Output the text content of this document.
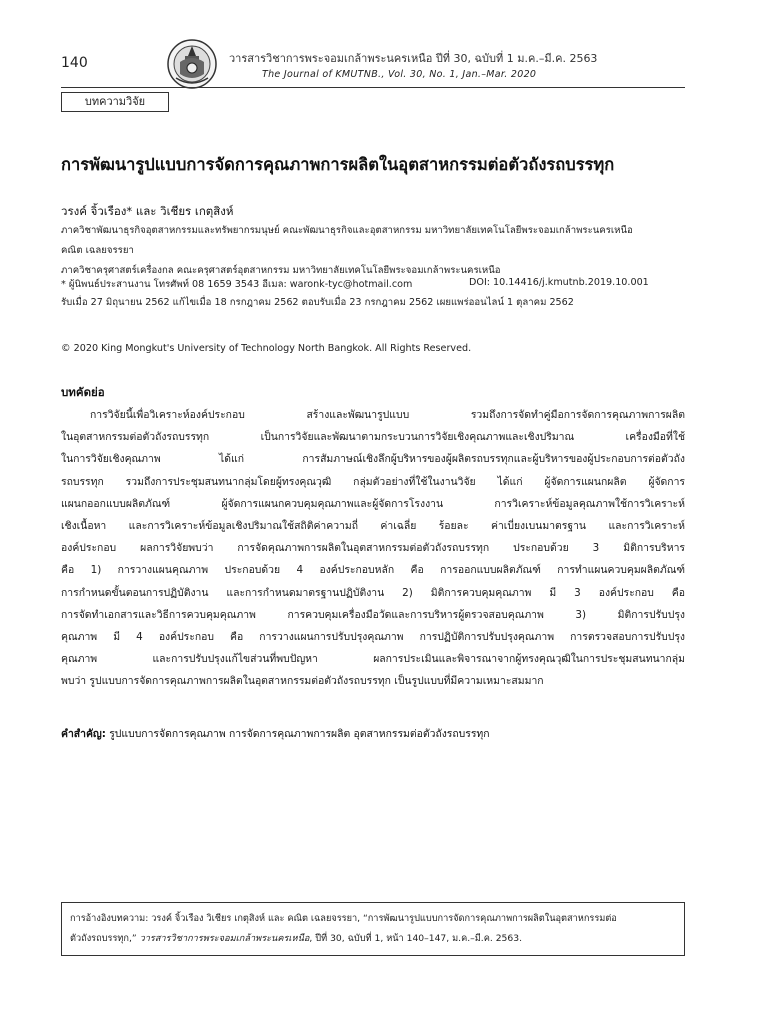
140	วารสารวิชาการพระจอมเกล้าพระนครเหนือ ปีที่ 30, ฉบับที่ 1 ม.ค.–มี.ค. 2563
The Journal of KMUTNB., Vol. 30, No. 1, Jan.–Mar. 2020
บทความวิจัย
การพัฒนารูปแบบการจัดการคุณภาพการผลิตในอุตสาหกรรมต่อตัวถังรถบรรทุก
วรงค์ จิ้วเรือง* และ วิเชียร เกตุสิงห์
ภาควิชาพัฒนาธุรกิจอุตสาหกรรมและทรัพยากรมนุษย์ คณะพัฒนาธุรกิจและอุตสาหกรรม มหาวิทยาลัยเทคโนโลยีพระจอมเกล้าพระนครเหนือ
คณิต เฉลยจรรยา
ภาควิชาครุศาสตร์เครื่องกล คณะครุศาสตร์อุตสาหกรรม มหาวิทยาลัยเทคโนโลยีพระจอมเกล้าพระนครเหนือ
* ผู้นิพนธ์ประสานงาน โทรศัพท์ 08 1659 3543 อีเมล: waronk-tyc@hotmail.com	DOI: 10.14416/j.kmutnb.2019.10.001
รับเมื่อ 27 มิถุนายน 2562 แก้ไขเมื่อ 18 กรกฎาคม 2562 ตอบรับเมื่อ 23 กรกฎาคม 2562 เผยแพร่ออนไลน์ 1 ตุลาคม 2562
© 2020 King Mongkut's University of Technology North Bangkok. All Rights Reserved.
บทคัดย่อ
การวิจัยนี้เพื่อวิเคราะห์องค์ประกอบ สร้างและพัฒนารูปแบบ รวมถึงการจัดทำคู่มือการจัดการคุณภาพการผลิต
ในอุตสาหกรรมต่อตัวถังรถบรรทุก เป็นการวิจัยและพัฒนาตามกระบวนการวิจัยเชิงคุณภาพและเชิงปริมาณ เครื่องมือที่ใช้
ในการวิจัยเชิงคุณภาพ ได้แก่ การสัมภาษณ์เชิงลึกผู้บริหารของผู้ผลิตรถบรรทุกและผู้บริหารของผู้ประกอบการต่อตัวถัง
รถบรรทุก รวมถึงการประชุมสนทนากลุ่มโดยผู้ทรงคุณวุฒิ กลุ่มตัวอย่างที่ใช้ในงานวิจัย ได้แก่ ผู้จัดการแผนกผลิต ผู้จัดการ
แผนกออกแบบผลิตภัณฑ์ ผู้จัดการแผนกควบคุมคุณภาพและผู้จัดการโรงงาน การวิเคราะห์ข้อมูลคุณภาพใช้การวิเคราะห์
เชิงเนื้อหา และการวิเคราะห์ข้อมูลเชิงปริมาณใช้สถิติค่าความถี่ ค่าเฉลี่ย ร้อยละ ค่าเบี่ยงเบนมาตรฐาน และการวิเคราะห์
องค์ประกอบ ผลการวิจัยพบว่า การจัดคุณภาพการผลิตในอุตสาหกรรมต่อตัวถังรถบรรทุก ประกอบด้วย 3 มิติการบริหาร
คือ 1) การวางแผนคุณภาพ ประกอบด้วย 4 องค์ประกอบหลัก คือ การออกแบบผลิตภัณฑ์ การทำแผนควบคุมผลิตภัณฑ์
การกำหนดขั้นตอนการปฏิบัติงาน และการกำหนดมาตรฐานปฏิบัติงาน 2) มิติการควบคุมคุณภาพ มี 3 องค์ประกอบ คือ
การจัดทำเอกสารและวิธีการควบคุมคุณภาพ การควบคุมเครื่องมือวัดและการบริหารผู้ตรวจสอบคุณภาพ 3) มิติการปรับปรุง
คุณภาพ มี 4 องค์ประกอบ คือ การวางแผนการปรับปรุงคุณภาพ การปฏิบัติการปรับปรุงคุณภาพ การตรวจสอบการปรับปรุง
คุณภาพ และการปรับปรุงแก้ไขส่วนที่พบปัญหา ผลการประเมินและพิจารณาจากผู้ทรงคุณวุฒิในการประชุมสนทนากลุ่ม
พบว่า รูปแบบการจัดการคุณภาพการผลิตในอุตสาหกรรมต่อตัวถังรถบรรทุก เป็นรูปแบบที่มีความเหมาะสมมาก
คำสำคัญ: รูปแบบการจัดการคุณภาพ การจัดการคุณภาพการผลิต อุตสาหกรรมต่อตัวถังรถบรรทุก
การอ้างอิงบทความ: วรงค์ จิ้วเรือง วิเชียร เกตุสิงห์ และ คณิต เฉลยจรรยา, “การพัฒนารูปแบบการจัดการคุณภาพการผลิตในอุตสาหกรรมต่อ
ตัวถังรถบรรทุก,” วารสารวิชาการพระจอมเกล้าพระนครเหนือ, ปีที่ 30, ฉบับที่ 1, หน้า 140–147, ม.ค.–มี.ค. 2563.
